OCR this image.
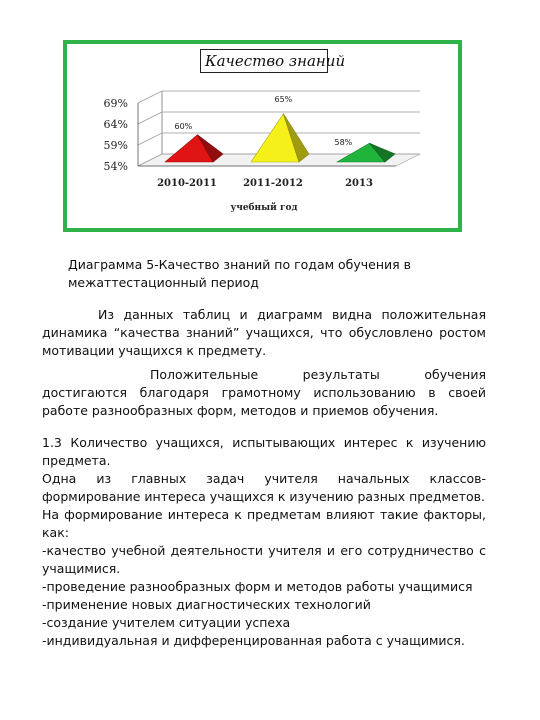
54%
59%
64%
69%
60%
2010-2011
65%
2011-2012
58%
2013
учебный год
Качество знаний
Диаграмма 5-Качество знаний по годам обучения в межаттестационный период
Из данных таблиц и диаграмм видна положительная динамика “качества знаний” учащихся, что обусловлено ростом мотивации учащихся к предмету.
Положительные результаты обучения достигаются благодаря грамотному использованию в своей работе разнообразных форм, методов и приемов обучения.
1.3 Количество учащихся, испытывающих интерес к изучению предмета.
Одна из главных задач учителя начальных классов- формирование интереса учащихся к изучению разных предметов.
На формирование интереса к предметам влияют такие факторы, как:
-качество учебной деятельности учителя и его сотрудничество с учащимися.
-проведение разнообразных форм и методов работы учащимися
-применение новых диагностических технологий
-создание учителем ситуации успеха
-индивидуальная и дифференцированная работа с учащимися.
